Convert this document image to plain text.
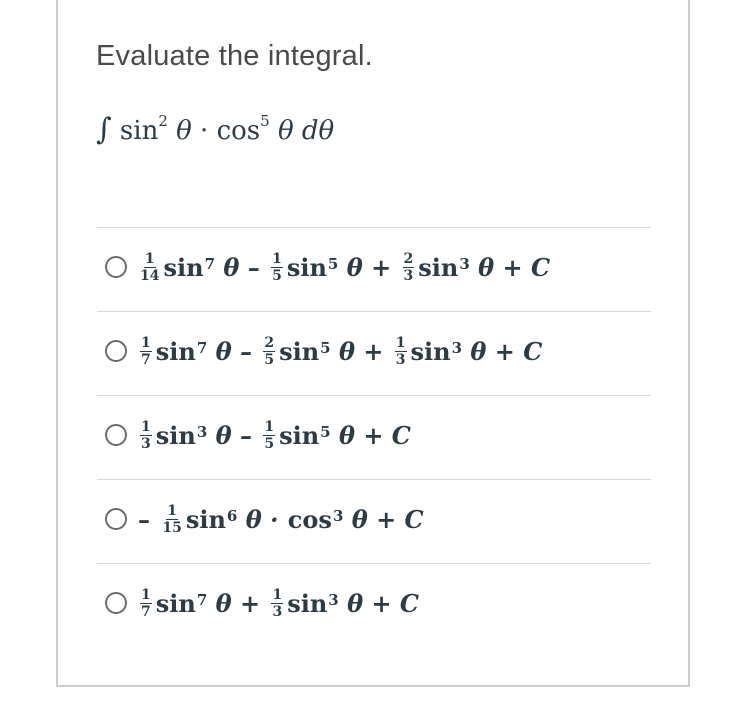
Evaluate the integral.
∫ $\sin^2 \theta \cdot \cos^5 \theta$ dθ
$\frac{1}{14} \sin^7 \theta - \frac{1}{5} \sin^5 \theta + \frac{2}{3} \sin^3 \theta + C$
$\frac{1}{7} \sin^7 \theta - \frac{2}{5} \sin^5 \theta + \frac{1}{3} \sin^3 \theta + C$
$\frac{1}{3} \sin^3 \theta - \frac{1}{5} \sin^5 \theta + C$
– $\frac{1}{15} \sin^6 \theta \cdot \cos^3 \theta + C$
$\frac{1}{7} \sin^7 \theta + \frac{1}{3} \sin^3 \theta + C$
